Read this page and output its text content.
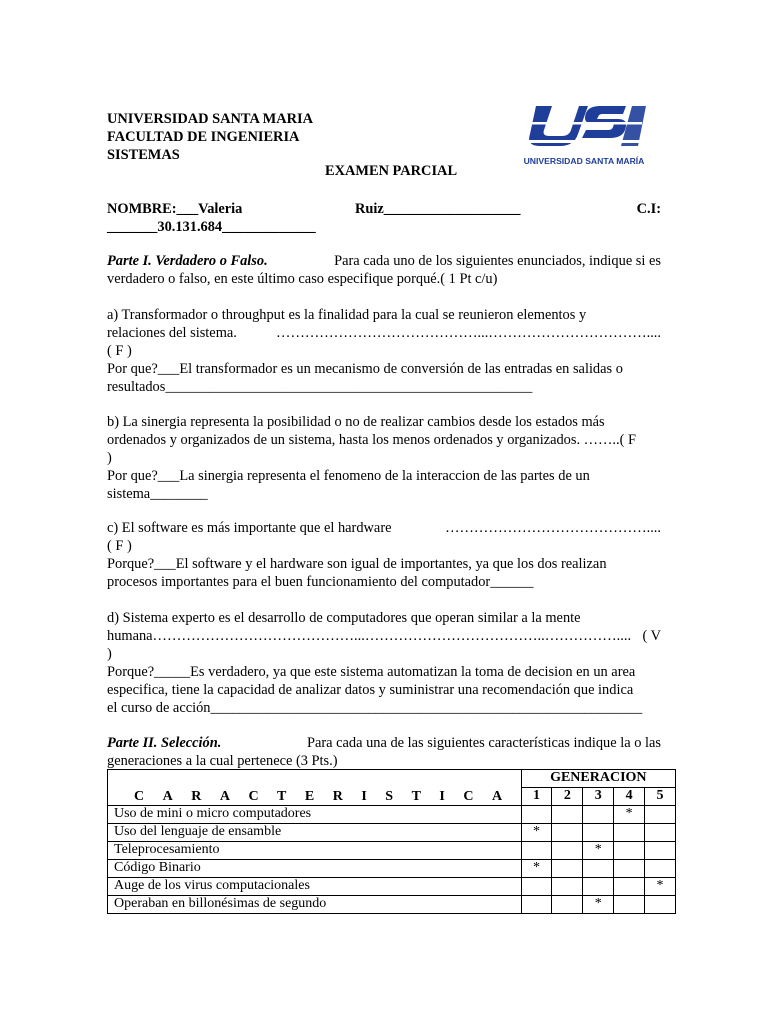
UNIVERSIDAD SANTA MARIA
FACULTAD DE INGENIERIA
SISTEMAS	UNIVERSIDAD SANTA MARÍA
EXAMEN PARCIAL
NOMBRE:___Valeria	Ruiz___________________	C.I:
_______30.131.684_____________
Parte I. Verdadero o Falso.	Para cada uno de los siguientes enunciados, indique si es
verdadero o falso, en este último caso especifique porqué.( 1 Pt c/u)
a) Transformador o throughput es la finalidad para la cual se reunieron elementos y
relaciones del sistema.	……………………………………...……………………………....
( F )
Por que?___El transformador es un mecanismo de conversión de las entradas en salidas o
resultados___________________________________________________
b) La sinergia representa la posibilidad o no de realizar cambios desde los estados más
ordenados y organizados de un sistema, hasta los menos ordenados y organizados. ……..( F
)
Por que?___La sinergia representa el fenomeno de la interaccion de las partes de un
sistema________
c) El software es más importante que el hardware	……………………………………....
( F )
Porque?___El software y el hardware son igual de importantes, ya que los dos realizan
procesos importantes para el buen funcionamiento del computador______
d) Sistema experto es el desarrollo de computadores que operan similar a la mente
humana……………………………………...………………………………..…………….... ( V
)
Porque?_____Es verdadero, ya que este sistema automatizan la toma de decision en un area
especifica, tiene la capacidad de analizar datos y suministrar una recomendación que indica
el curso de acción____________________________________________________________
Parte II. Selección.	Para cada una de las siguientes características indique la o las
generaciones a la cual pertenece (3 Pts.)
CARACTERISTICA	GENERACION				
	1	2	3	4	5
Uso de mini o micro computadores				*	
Uso del lenguaje de ensamble	*				
Teleprocesamiento			*		
Código Binario	*				
Auge de los virus computacionales					*
Operaban en billonésimas de segundo			*		
